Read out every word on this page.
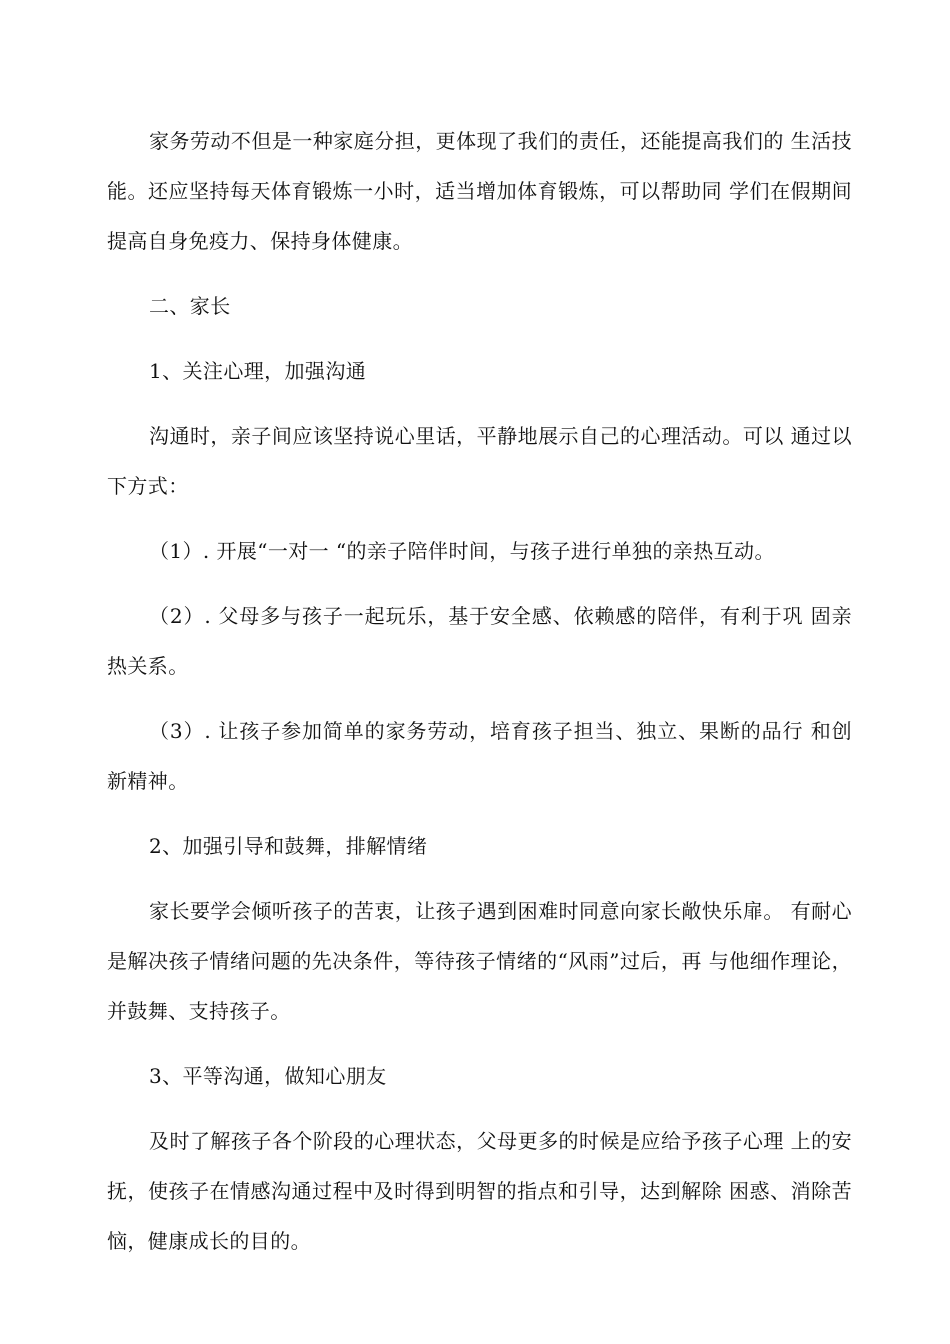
家务劳动不但是一种家庭分担，更体现了我们的责任，还能提高我们的 生活技能。还应坚持每天体育锻炼一小时，适当增加体育锻炼，可以帮助同 学们在假期间提高自身免疫力、保持身体健康。

二、家长

1、关注心理，加强沟通

沟通时，亲子间应该坚持说心里话，平静地展示自己的心理活动。可以 通过以下方式：

（1）. 开展“一对一 “的亲子陪伴时间，与孩子进行单独的亲热互动。

（2）. 父母多与孩子一起玩乐，基于安全感、依赖感的陪伴，有利于巩 固亲热关系。

（3）. 让孩子参加简单的家务劳动，培育孩子担当、独立、果断的品行 和创新精神。

2、加强引导和鼓舞，排解情绪

家长要学会倾听孩子的苦衷，让孩子遇到困难时同意向家长敞快乐扉。 有耐心是解决孩子情绪问题的先决条件，等待孩子情绪的“风雨”过后，再 与他细作理论，并鼓舞、支持孩子。

3、平等沟通，做知心朋友

及时了解孩子各个阶段的心理状态，父母更多的时候是应给予孩子心理 上的安抚，使孩子在情感沟通过程中及时得到明智的指点和引导，达到解除 困惑、消除苦恼，健康成长的目的。
